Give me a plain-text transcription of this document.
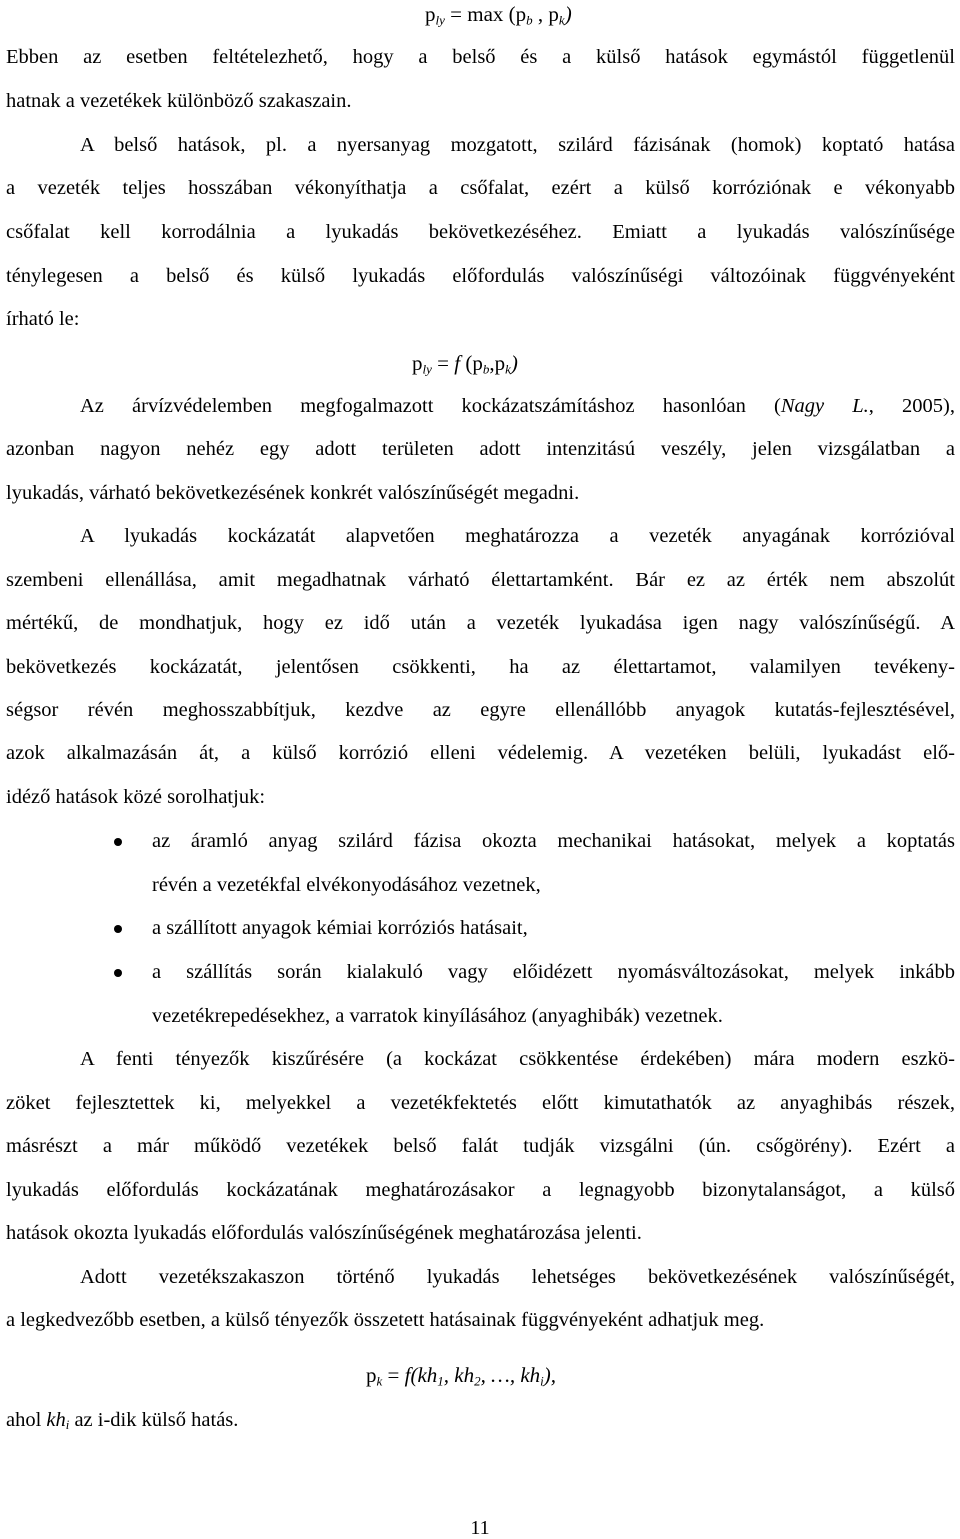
$p_{ly} = \max (p_b$ , $p_k$)
Ebben az esetben feltételezhető, hogy a belső és a külső hatások egymástól függetlenül
hatnak a vezetékek különböző szakaszain.
A belső hatások, pl. a nyersanyag mozgatott, szilárd fázisának (homok) koptató hatása
a vezeték teljes hosszában vékonyíthatja a csőfalat, ezért a külső korróziónak e vékonyabb
csőfalat kell korrodálnia a lyukadás bekövetkezéséhez. Emiatt a lyukadás valószínűsége
ténylegesen a belső és külső lyukadás előfordulás valószínűségi változóinak függvényeként
írható le:
$p_{ly} = f$ $(p_b,p_k)$
Az árvízvédelemben megfogalmazott kockázatszámításhoz hasonlóan (Nagy L., 2005),
azonban nagyon nehéz egy adott területen adott intenzitású veszély, jelen vizsgálatban a
lyukadás, várható bekövetkezésének konkrét valószínűségét megadni.
A lyukadás kockázatát alapvetően meghatározza a vezeték anyagának korrózióval
szembeni ellenállása, amit megadhatnak várható élettartamként. Bár ez az érték nem abszolút
mértékű, de mondhatjuk, hogy ez idő után a vezeték lyukadása igen nagy valószínűségű. A
bekövetkezés kockázatát, jelentősen csökkenti, ha az élettartamot, valamilyen tevékeny-
ségsor révén meghosszabbítjuk, kezdve az egyre ellenállóbb anyagok kutatás-fejlesztésével,
azok alkalmazásán át, a külső korrózió elleni védelemig. A vezetéken belüli, lyukadást elő-
idéző hatások közé sorolhatjuk:
az áramló anyag szilárd fázisa okozta mechanikai hatásokat, melyek a koptatás
révén a vezetékfal elvékonyodásához vezetnek,
a szállított anyagok kémiai korróziós hatásait,
a szállítás során kialakuló vagy előidézett nyomásváltozásokat, melyek inkább
vezetékrepedésekhez, a varratok kinyílásához (anyaghibák) vezetnek.
A fenti tényezők kiszűrésére (a kockázat csökkentése érdekében) mára modern eszkö-
zöket fejlesztettek ki, melyekkel a vezetékfektetés előtt kimutathatók az anyaghibás részek,
másrészt a már működő vezetékek belső falát tudják vizsgálni (ún. csőgörény). Ezért a
lyukadás előfordulás kockázatának meghatározásakor a legnagyobb bizonytalanságot, a külső
hatások okozta lyukadás előfordulás valószínűségének meghatározása jelenti.
Adott vezetékszakaszon történő lyukadás lehetséges bekövetkezésének valószínűségét,
a legkedvezőbb esetben, a külső tényezők összetett hatásainak függvényeként adhatjuk meg.
$p_k = f(kh_1$, $kh_2$, …, $kh_i$),
ahol $kh_i$ az i-dik külső hatás.
11
